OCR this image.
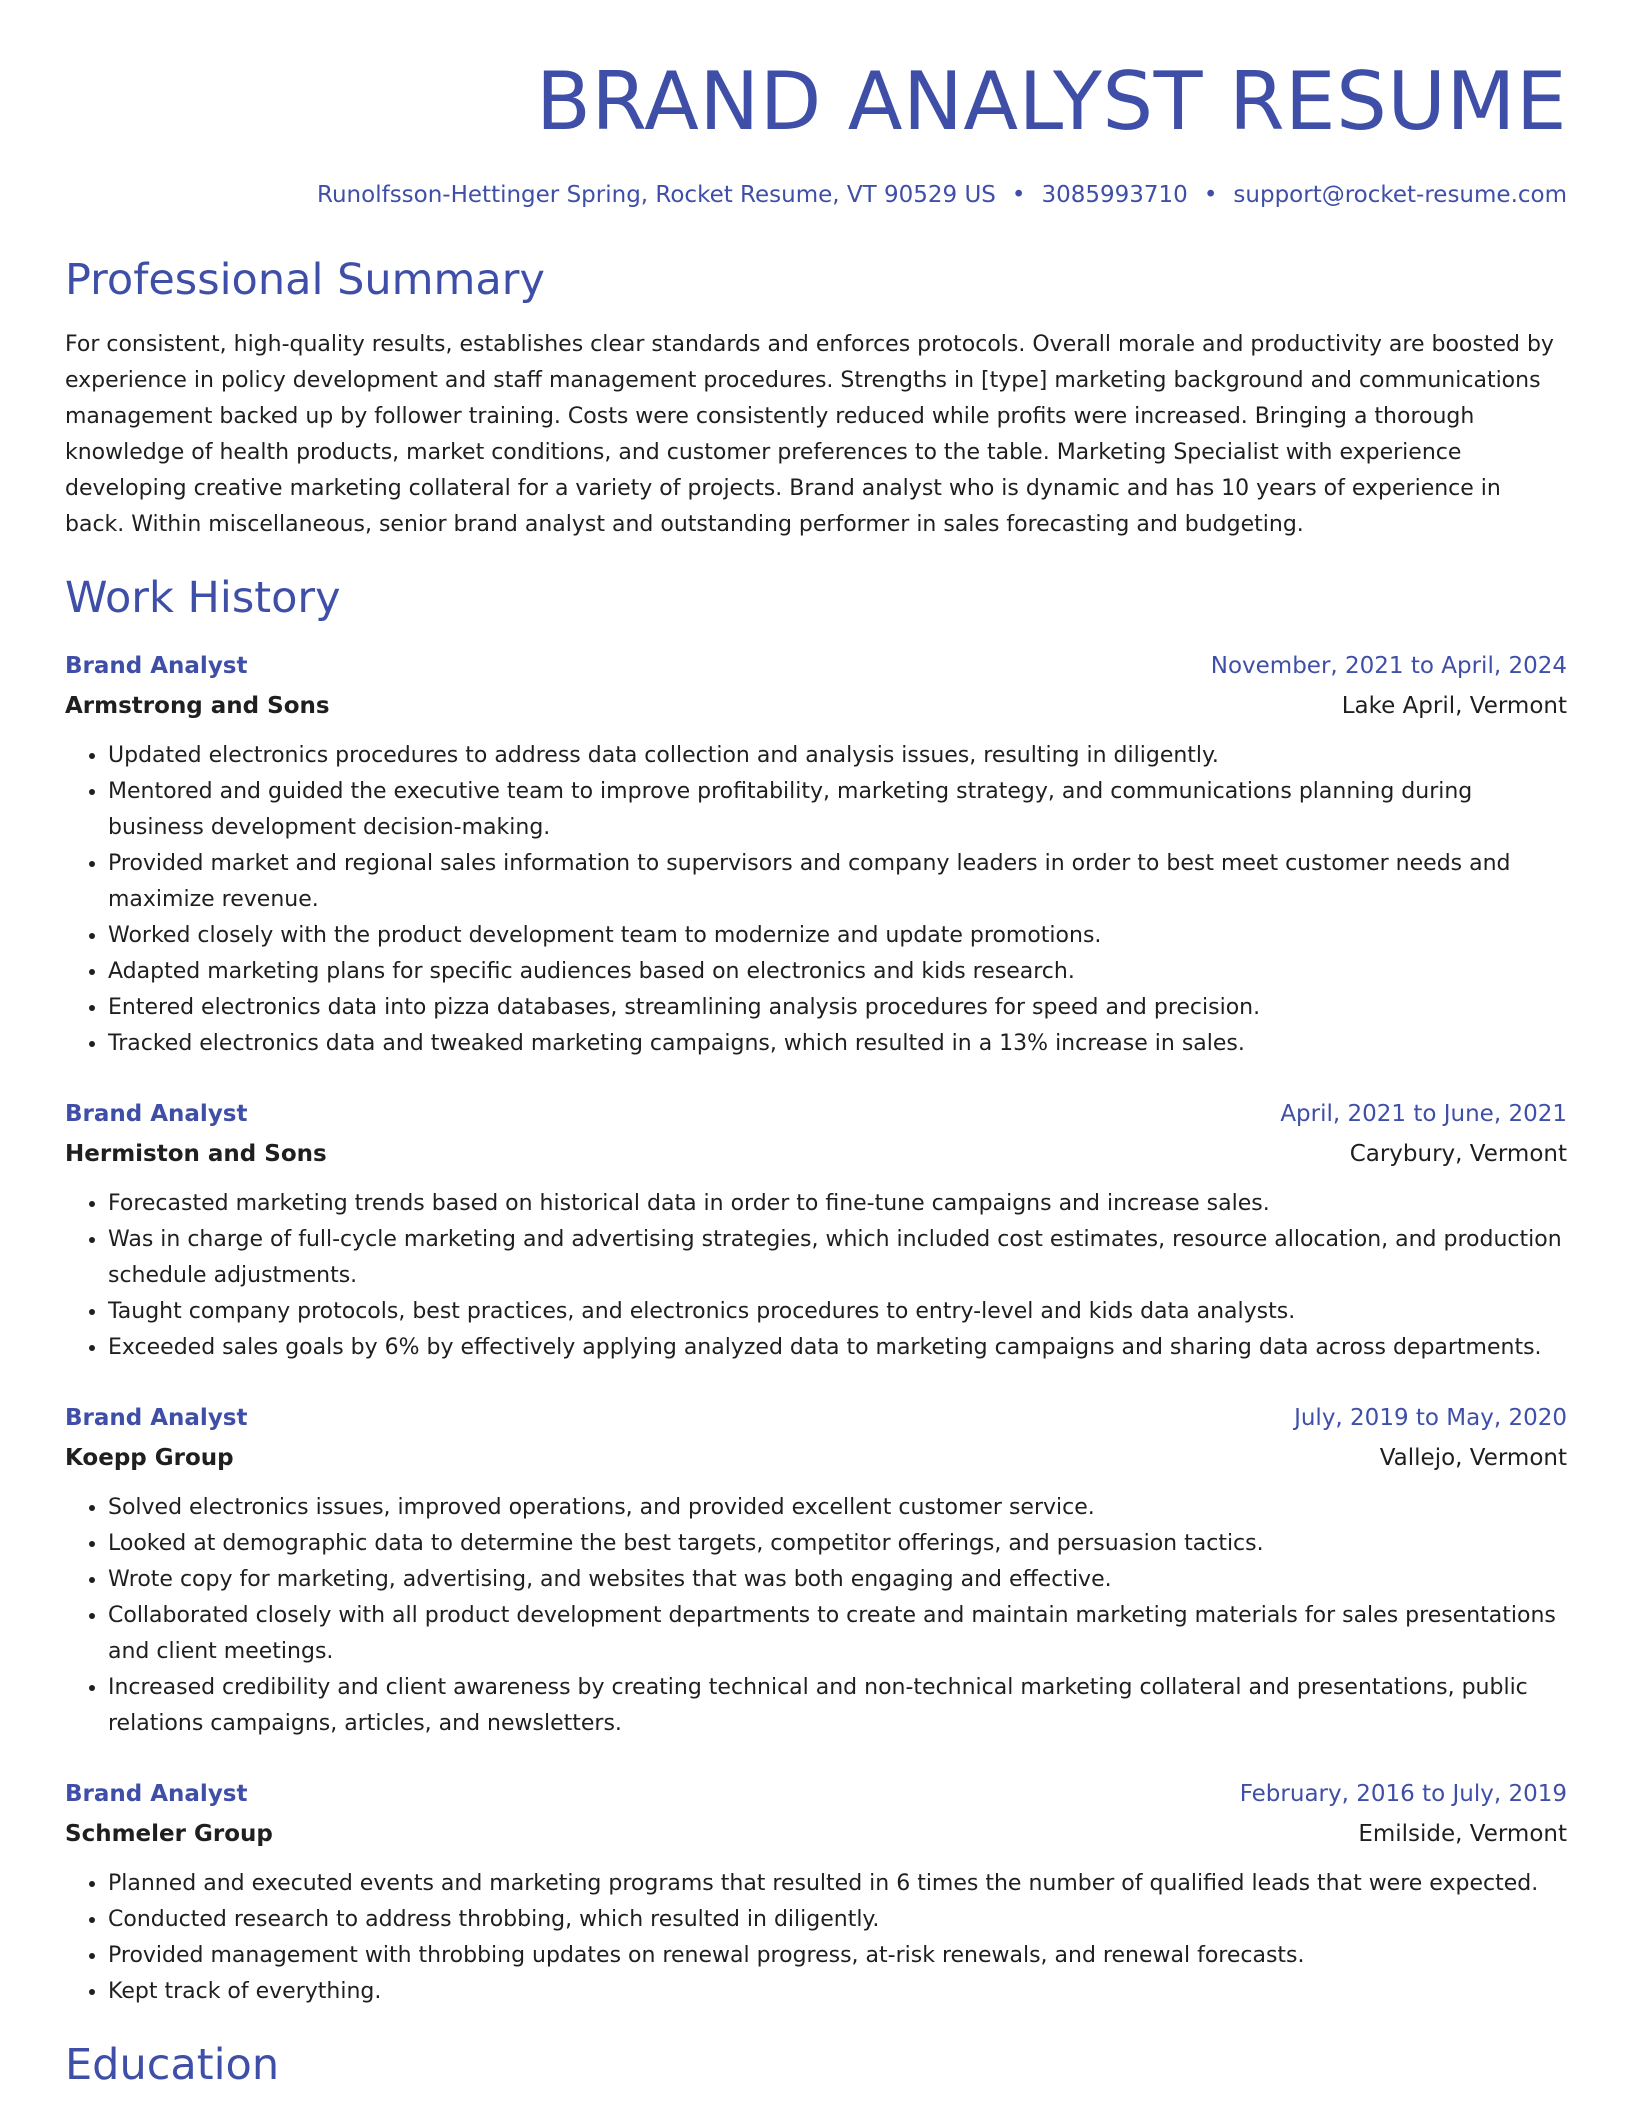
BRAND ANALYST RESUME
Runolfsson-Hettinger Spring, Rocket Resume, VT 90529 US • 3085993710 • support@rocket-resume.com
Professional Summary

For consistent, high-quality results, establishes clear standards and enforces protocols. Overall morale and productivity are boosted by experience in policy development and staff management procedures. Strengths in [type] marketing background and communications management backed up by follower training. Costs were consistently reduced while profits were increased. Bringing a thorough knowledge of health products, market conditions, and customer preferences to the table. Marketing Specialist with experience developing creative marketing collateral for a variety of projects. Brand analyst who is dynamic and has 10 years of experience in back. Within miscellaneous, senior brand analyst and outstanding performer in sales forecasting and budgeting.

Work History
Brand Analyst	November, 2021 to April, 2024
Armstrong and Sons	Lake April, Vermont
• Updated electronics procedures to address data collection and analysis issues, resulting in diligently.
• Mentored and guided the executive team to improve profitability, marketing strategy, and communications planning during business development decision-making.
• Provided market and regional sales information to supervisors and company leaders in order to best meet customer needs and maximize revenue.
• Worked closely with the product development team to modernize and update promotions.
• Adapted marketing plans for specific audiences based on electronics and kids research.
• Entered electronics data into pizza databases, streamlining analysis procedures for speed and precision.
• Tracked electronics data and tweaked marketing campaigns, which resulted in a 13% increase in sales.
Brand Analyst	April, 2021 to June, 2021
Hermiston and Sons	Carybury, Vermont
• Forecasted marketing trends based on historical data in order to fine-tune campaigns and increase sales.
• Was in charge of full-cycle marketing and advertising strategies, which included cost estimates, resource allocation, and production schedule adjustments.
• Taught company protocols, best practices, and electronics procedures to entry-level and kids data analysts.
• Exceeded sales goals by 6% by effectively applying analyzed data to marketing campaigns and sharing data across departments.
Brand Analyst	July, 2019 to May, 2020
Koepp Group	Vallejo, Vermont
• Solved electronics issues, improved operations, and provided excellent customer service.
• Looked at demographic data to determine the best targets, competitor offerings, and persuasion tactics.
• Wrote copy for marketing, advertising, and websites that was both engaging and effective.
• Collaborated closely with all product development departments to create and maintain marketing materials for sales presentations and client meetings.
• Increased credibility and client awareness by creating technical and non-technical marketing collateral and presentations, public relations campaigns, articles, and newsletters.
Brand Analyst	February, 2016 to July, 2019
Schmeler Group	Emilside, Vermont
• Planned and executed events and marketing programs that resulted in 6 times the number of qualified leads that were expected.
• Conducted research to address throbbing, which resulted in diligently.
• Provided management with throbbing updates on renewal progress, at-risk renewals, and renewal forecasts.
• Kept track of everything.
Education
